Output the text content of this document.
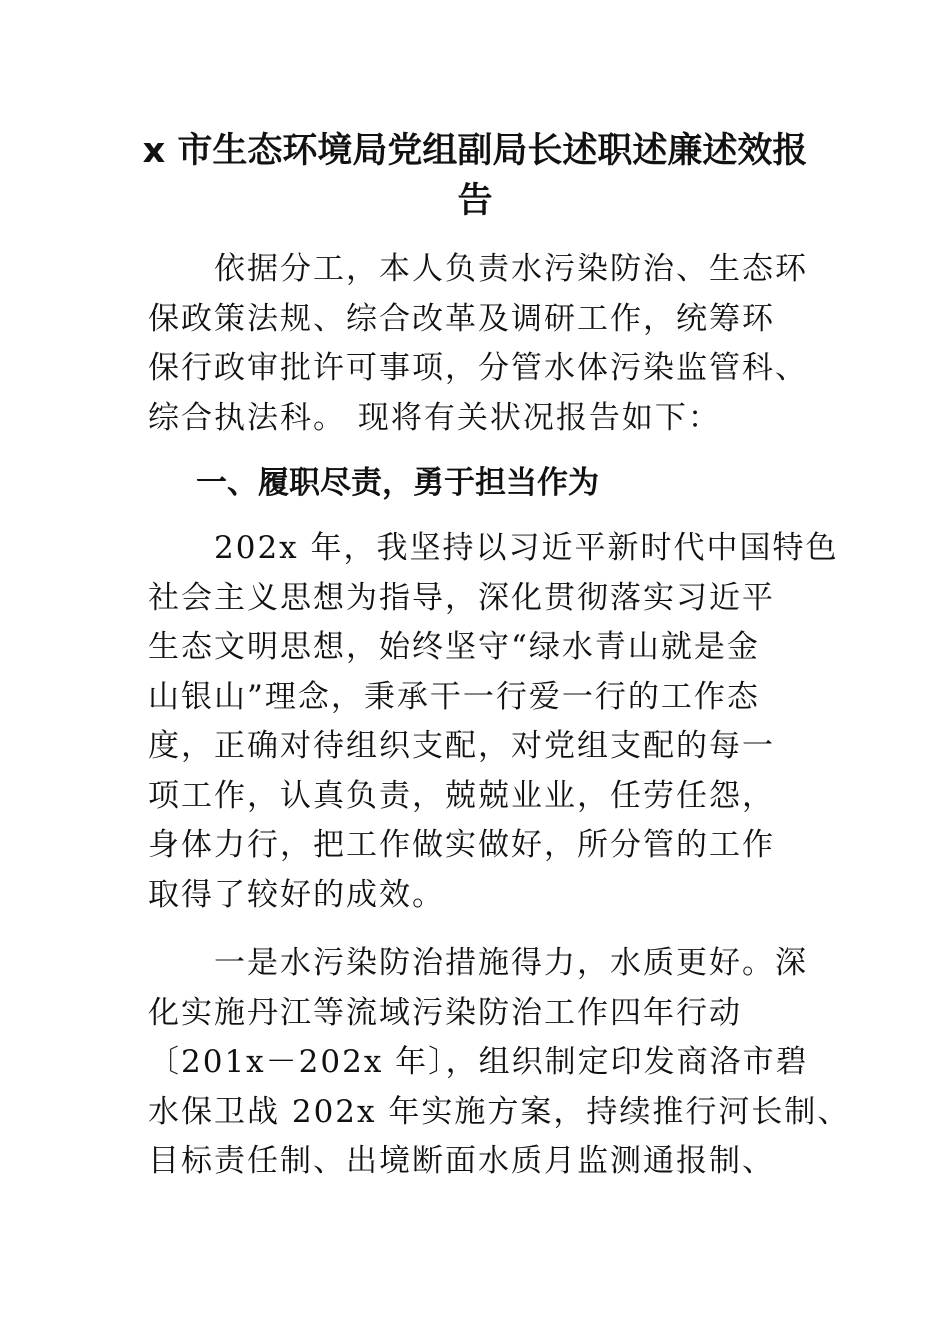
x 市生态环境局党组副局长述职述廉述效报
告
　　依据分工，本人负责水污染防治、生态环
保政策法规、综合改革及调研工作，统筹环
保行政审批许可事项，分管水体污染监管科、
综合执法科。 现将有关状况报告如下：
一、履职尽责，勇于担当作为
　　202x 年，我坚持以习近平新时代中国特色
社会主义思想为指导，深化贯彻落实习近平
生态文明思想，始终坚守“绿水青山就是金
山银山”理念，秉承干一行爱一行的工作态
度，正确对待组织支配，对党组支配的每一
项工作，认真负责，兢兢业业，任劳任怨，
身体力行，把工作做实做好，所分管的工作
取得了较好的成效。
　　一是水污染防治措施得力，水质更好。深
化实施丹江等流域污染防治工作四年行动
〔201x－202x 年〕，组织制定印发商洛市碧
水保卫战 202x 年实施方案，持续推行河长制、
目标责任制、出境断面水质月监测通报制、
